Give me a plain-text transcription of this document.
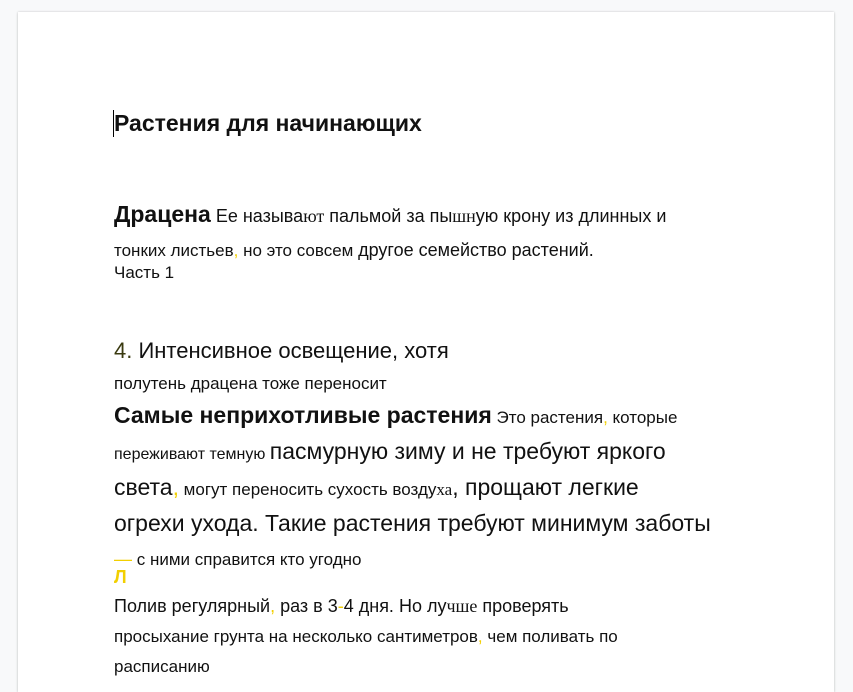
Растения для начинающих
Драцена Ее называют пальмой за пышную крону из длинных и
тонких листьев, но это совсем другое семейство растений.
Часть 1
4. Интенсивное освещение, хотя
полутень драцена тоже переносит
Самые неприхотливые растения Это растения, которые
переживают темную пасмурную зиму и не требуют яркого
света, могут переносить сухость воздуха, прощают легкие
огрехи ухода. Такие растения требуют минимум заботы
— с ними справится кто угодно
Л
Полив регулярный, раз в 3-4 дня. Но лучше проверять
просыхание грунта на несколько сантиметров, чем поливать по
расписанию
